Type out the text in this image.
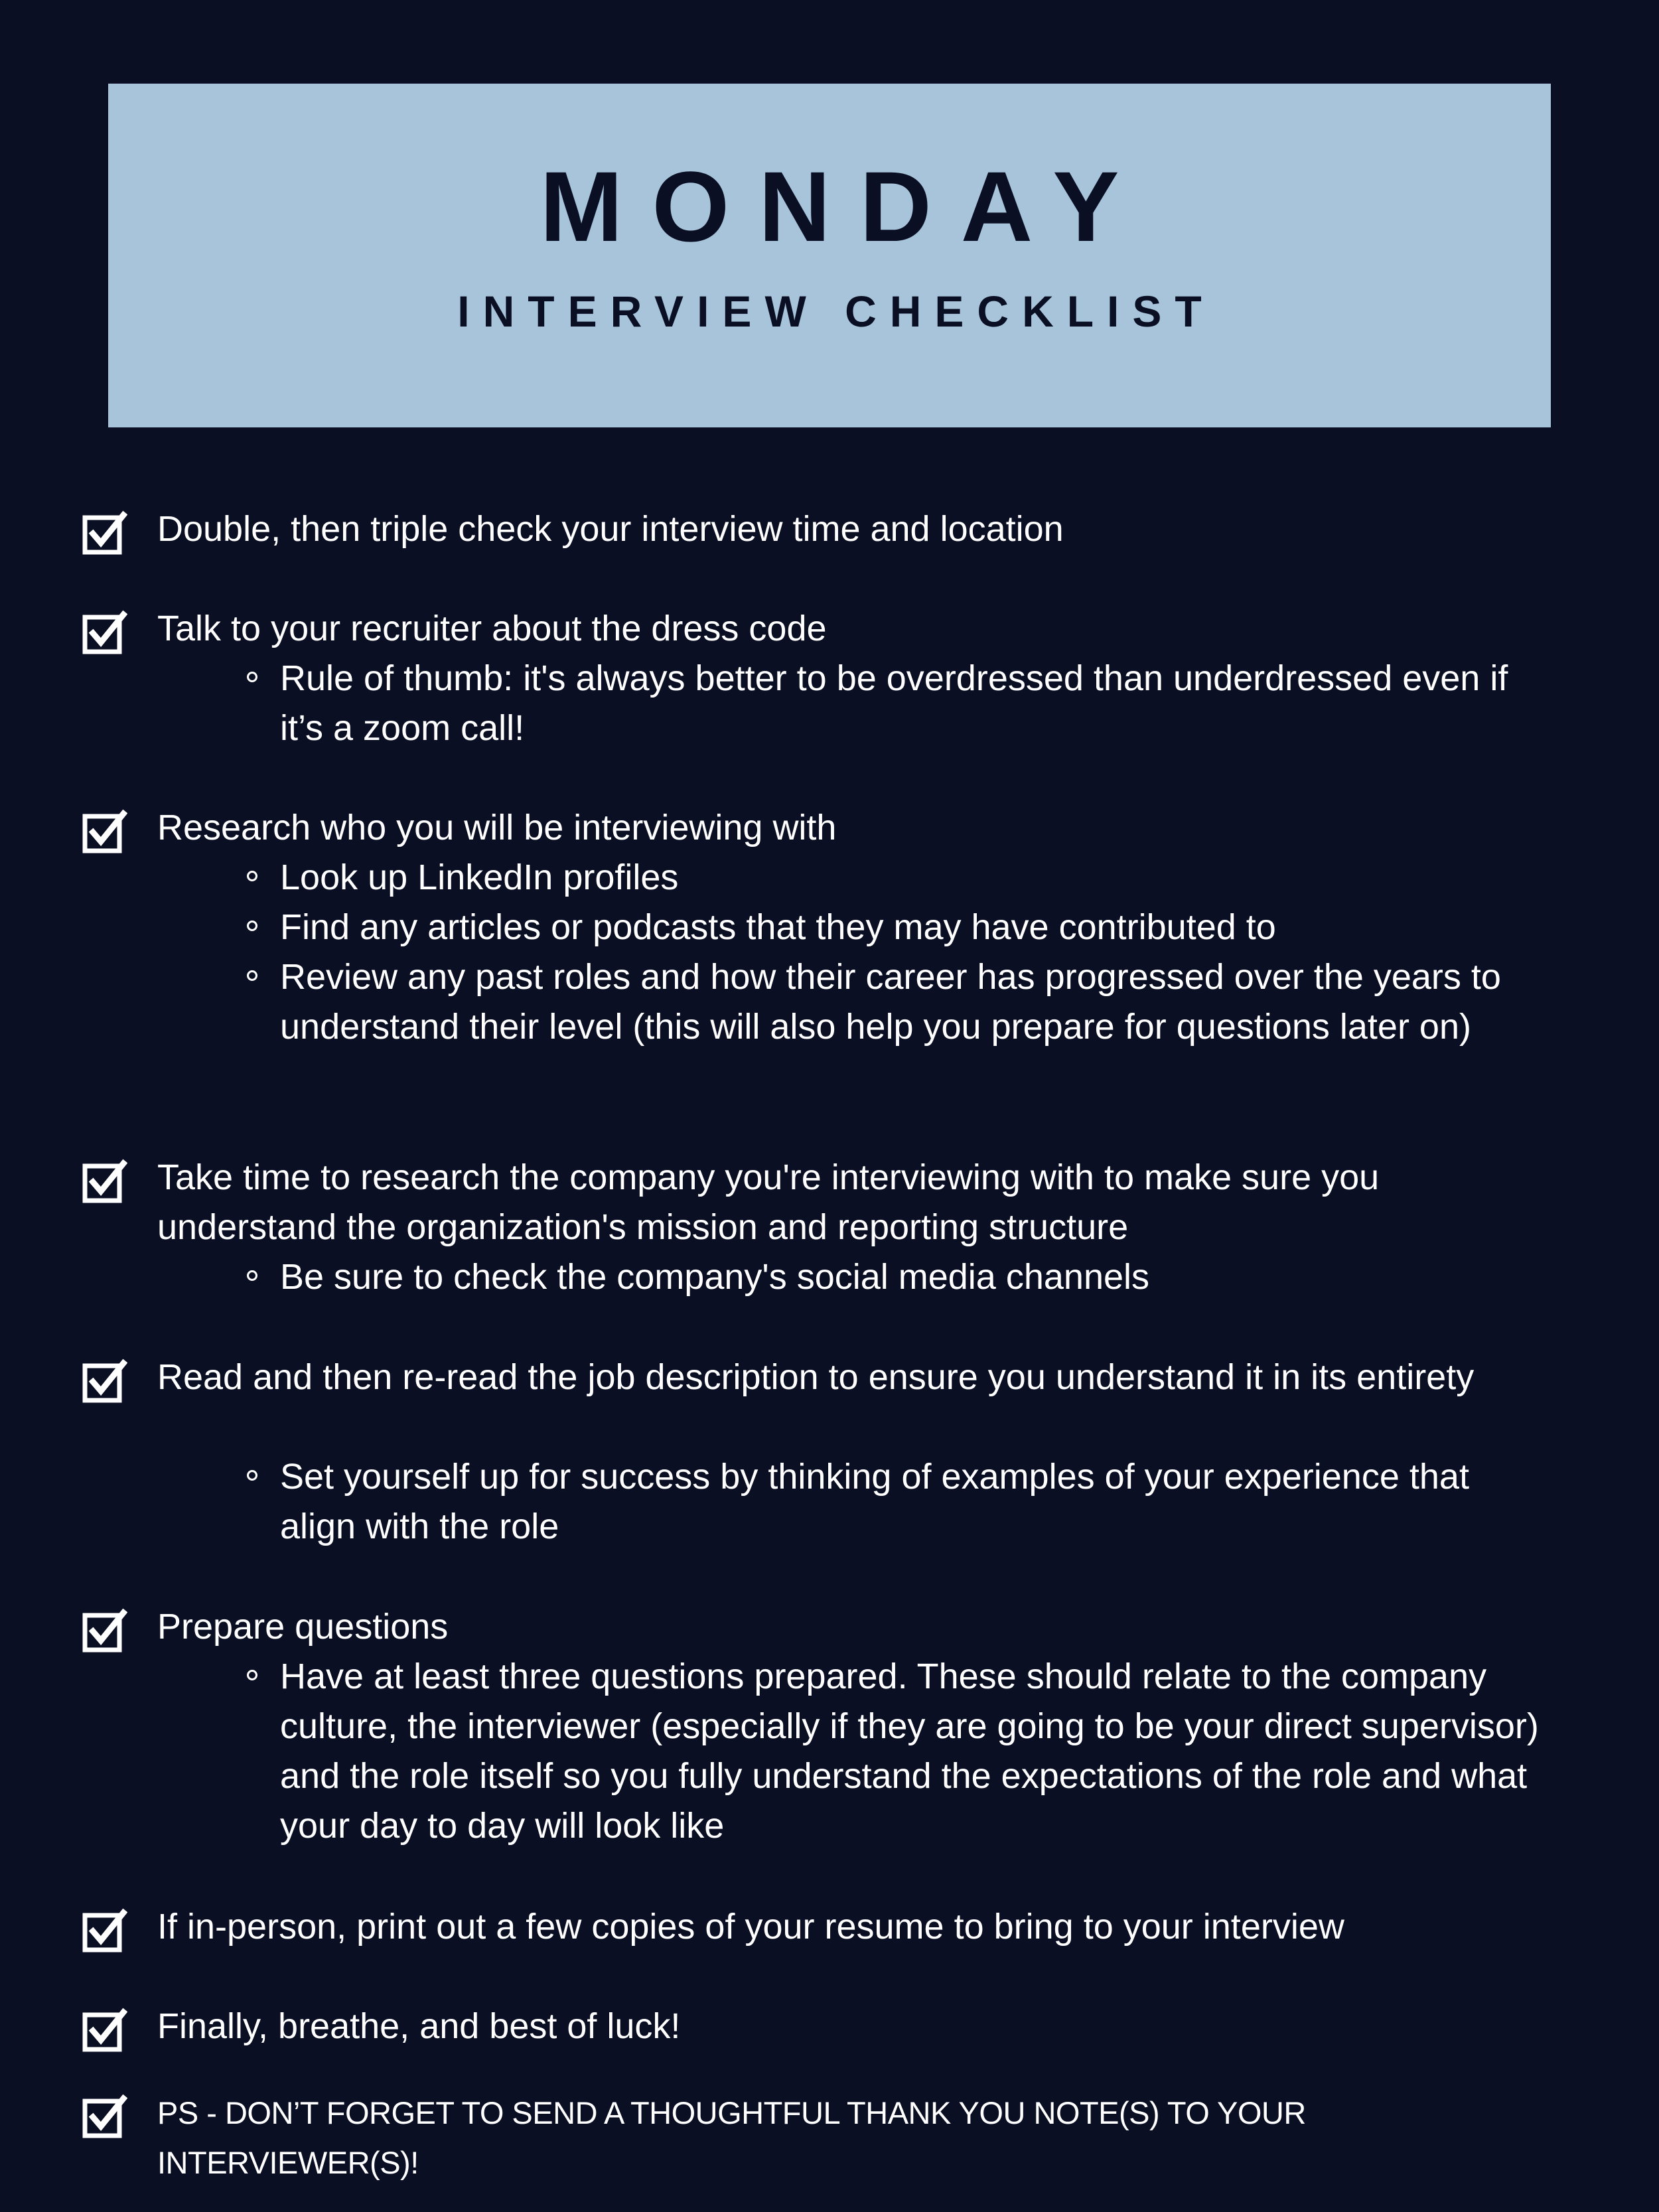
MONDAY
INTERVIEW CHECKLIST
Double, then triple check your interview time and location
Talk to your recruiter about the dress code
Rule of thumb: it's always better to be overdressed than underdressed even if it’s a zoom call!
Research who you will be interviewing with
Look up LinkedIn profiles
Find any articles or podcasts that they may have contributed to
Review any past roles and how their career has progressed over the years to understand their level (this will also help you prepare for questions later on)
Take time to research the company you're interviewing with to make sure you understand the organization's mission and reporting structure
Be sure to check the company's social media channels
Read and then re-read the job description to ensure you understand it in its entirety
Set yourself up for success by thinking of examples of your experience that align with the role
Prepare questions
Have at least three questions prepared. These should relate to the company culture, the interviewer (especially if they are going to be your direct supervisor) and the role itself so you fully understand the expectations of the role and what your day to day will look like
If in-person, print out a few copies of your resume to bring to your interview
Finally, breathe, and best of luck!
PS - DON’T FORGET TO SEND A THOUGHTFUL THANK YOU NOTE(S) TO YOUR INTERVIEWER(S)!
